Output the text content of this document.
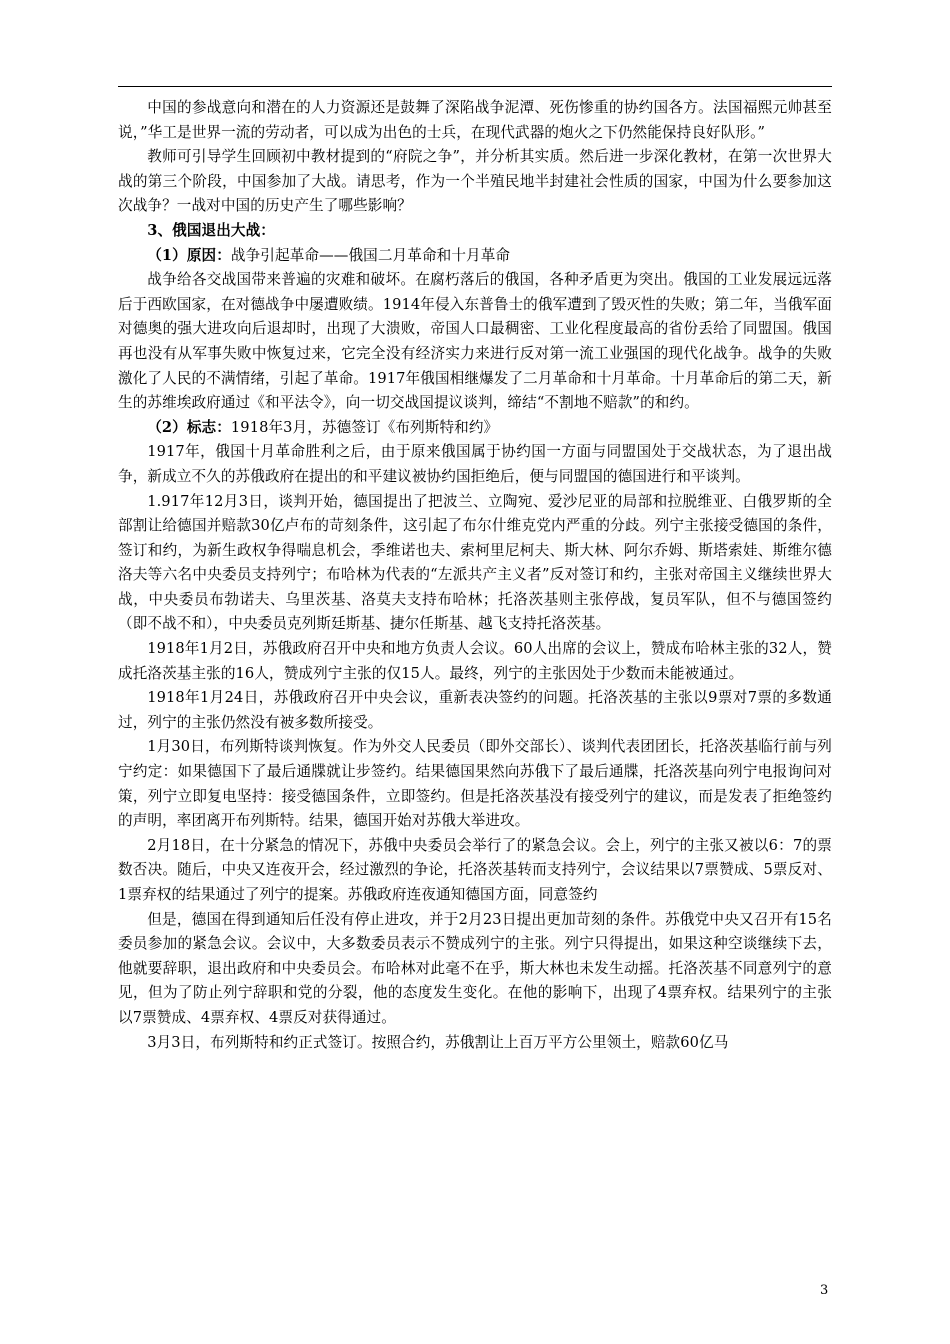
中国的参战意向和潜在的人力资源还是鼓舞了深陷战争泥潭、死伤惨重的协约国各方。法国福熙元帅甚至说，”华工是世界一流的劳动者，可以成为出色的士兵，在现代武器的炮火之下仍然能保持良好队形。”

教师可引导学生回顾初中教材提到的“府院之争”，并分析其实质。然后进一步深化教材，在第一次世界大战的第三个阶段，中国参加了大战。请思考，作为一个半殖民地半封建社会性质的国家，中国为什么要参加这次战争？一战对中国的历史产生了哪些影响？

3、俄国退出大战：

（1）原因：战争引起革命——俄国二月革命和十月革命

战争给各交战国带来普遍的灾难和破坏。在腐朽落后的俄国，各种矛盾更为突出。俄国的工业发展远远落后于西欧国家，在对德战争中屡遭败绩。1914年侵入东普鲁士的俄军遭到了毁灭性的失败；第二年，当俄军面对德奥的强大进攻向后退却时，出现了大溃败，帝国人口最稠密、工业化程度最高的省份丢给了同盟国。俄国再也没有从军事失败中恢复过来，它完全没有经济实力来进行反对第一流工业强国的现代化战争。战争的失败激化了人民的不满情绪，引起了革命。1917年俄国相继爆发了二月革命和十月革命。十月革命后的第二天，新生的苏维埃政府通过《和平法令》，向一切交战国提议谈判，缔结“不割地不赔款”的和约。

（2）标志：1918年3月，苏德签订《布列斯特和约》

1917年，俄国十月革命胜利之后，由于原来俄国属于协约国一方面与同盟国处于交战状态，为了退出战争，新成立不久的苏俄政府在提出的和平建议被协约国拒绝后，便与同盟国的德国进行和平谈判。

1.917年12月3日，谈判开始，德国提出了把波兰、立陶宛、爱沙尼亚的局部和拉脱维亚、白俄罗斯的全部割让给德国并赔款30亿卢布的苛刻条件，这引起了布尔什维克党内严重的分歧。列宁主张接受德国的条件，签订和约，为新生政权争得喘息机会，季维诺也夫、索柯里尼柯夫、斯大林、阿尔乔姆、斯塔索娃、斯维尔德洛夫等六名中央委员支持列宁；布哈林为代表的“左派共产主义者”反对签订和约，主张对帝国主义继续世界大战，中央委员布勃诺夫、乌里茨基、洛莫夫支持布哈林；托洛茨基则主张停战，复员军队，但不与德国签约（即不战不和），中央委员克列斯廷斯基、捷尔任斯基、越飞支持托洛茨基。

1918年1月2日，苏俄政府召开中央和地方负责人会议。60人出席的会议上，赞成布哈林主张的32人，赞成托洛茨基主张的16人，赞成列宁主张的仅15人。最终，列宁的主张因处于少数而未能被通过。

1918年1月24日，苏俄政府召开中央会议，重新表决签约的问题。托洛茨基的主张以9票对7票的多数通过，列宁的主张仍然没有被多数所接受。

1月30日，布列斯特谈判恢复。作为外交人民委员（即外交部长）、谈判代表团团长，托洛茨基临行前与列宁约定：如果德国下了最后通牒就让步签约。结果德国果然向苏俄下了最后通牒，托洛茨基向列宁电报询问对策，列宁立即复电坚持：接受德国条件，立即签约。但是托洛茨基没有接受列宁的建议，而是发表了拒绝签约的声明，率团离开布列斯特。结果，德国开始对苏俄大举进攻。

2月18日，在十分紧急的情况下，苏俄中央委员会举行了的紧急会议。会上，列宁的主张又被以6：7的票数否决。随后，中央又连夜开会，经过激烈的争论，托洛茨基转而支持列宁，会议结果以7票赞成、5票反对、1票弃权的结果通过了列宁的提案。苏俄政府连夜通知德国方面，同意签约

但是，德国在得到通知后任没有停止进攻，并于2月23日提出更加苛刻的条件。苏俄党中央又召开有15名委员参加的紧急会议。会议中，大多数委员表示不赞成列宁的主张。列宁只得提出，如果这种空谈继续下去，他就要辞职，退出政府和中央委员会。布哈林对此毫不在乎，斯大林也未发生动摇。托洛茨基不同意列宁的意见，但为了防止列宁辞职和党的分裂，他的态度发生变化。在他的影响下，出现了4票弃权。结果列宁的主张以7票赞成、4票弃权、4票反对获得通过。

3月3日，布列斯特和约正式签订。按照合约，苏俄割让上百万平方公里领土，赔款60亿马

3
